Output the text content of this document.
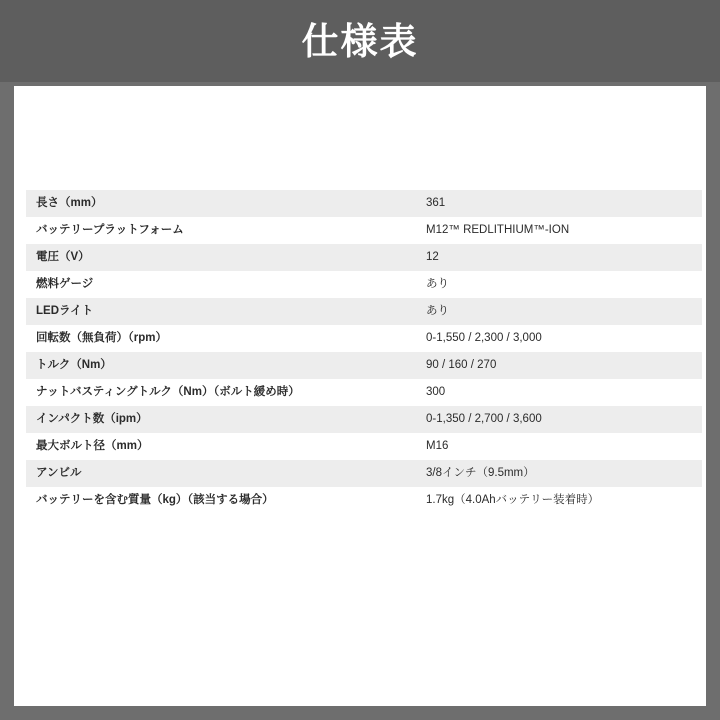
仕様表
長さ（mm）	361
バッテリープラットフォーム	M12™ REDLITHIUM™-ION
電圧（V）	12
燃料ゲージ	あり
LEDライト	あり
回転数（無負荷）（rpm）	0-1,550 / 2,300 / 3,000
トルク（Nm）	90 / 160 / 270
ナットバスティングトルク（Nm）（ボルト緩め時）	300
インパクト数（ipm）	0-1,350 / 2,700 / 3,600
最大ボルト径（mm）	M16
アンビル	3/8インチ（9.5mm）
バッテリーを含む質量（kg）（該当する場合）	1.7kg（4.0Ahバッテリー装着時）
